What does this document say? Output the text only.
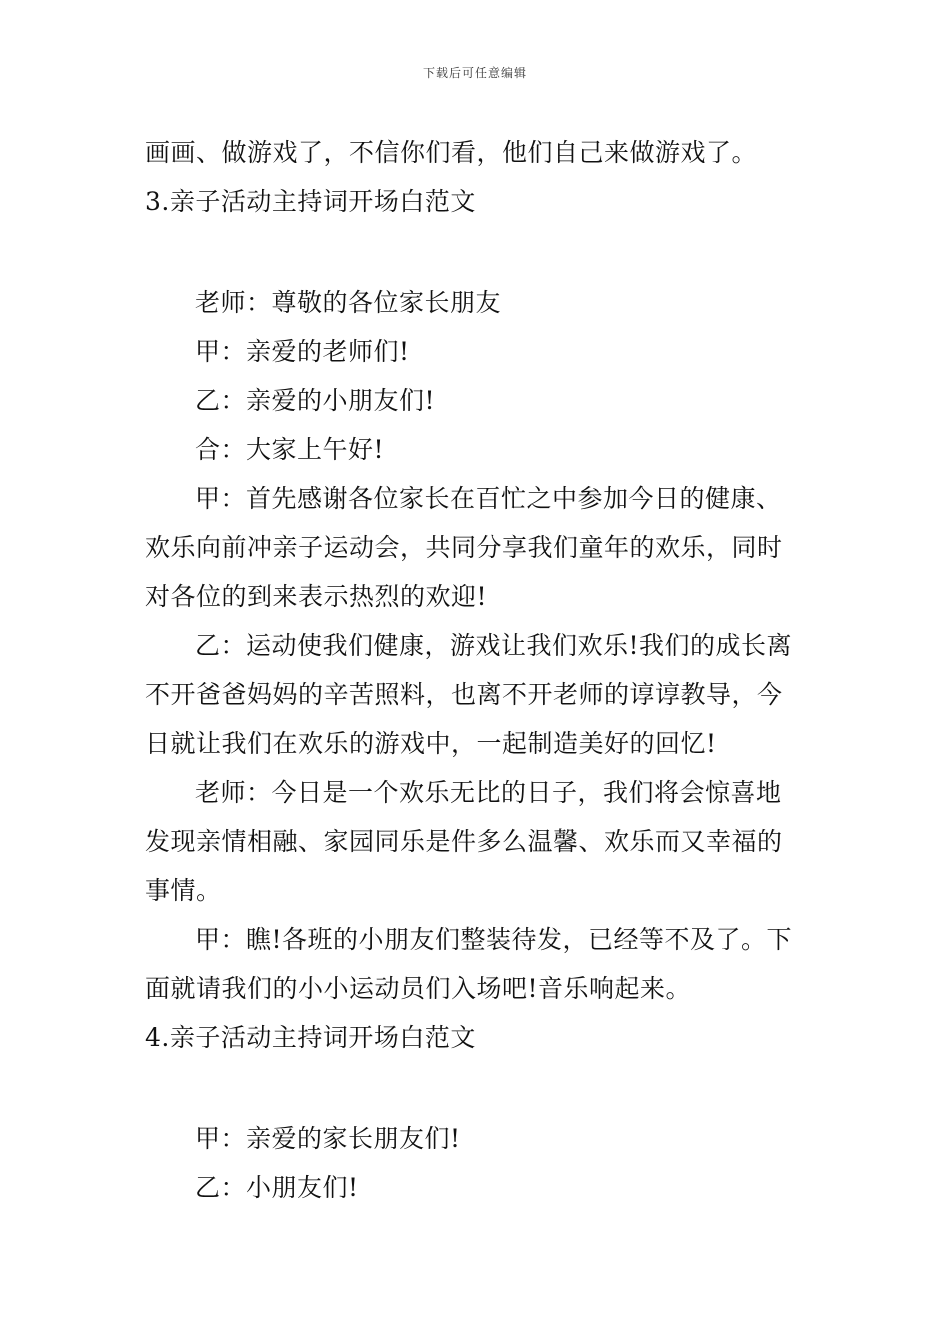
下载后可任意编辑
画画、做游戏了，不信你们看，他们自己来做游戏了。
3.亲子活动主持词开场白范文
老师：尊敬的各位家长朋友
甲：亲爱的老师们!
乙：亲爱的小朋友们!
合：大家上午好!
甲：首先感谢各位家长在百忙之中参加今日的健康、
欢乐向前冲亲子运动会，共同分享我们童年的欢乐，同时
对各位的到来表示热烈的欢迎!
乙：运动使我们健康，游戏让我们欢乐!我们的成长离
不开爸爸妈妈的辛苦照料，也离不开老师的谆谆教导，今
日就让我们在欢乐的游戏中，一起制造美好的回忆!
老师：今日是一个欢乐无比的日子，我们将会惊喜地
发现亲情相融、家园同乐是件多么温馨、欢乐而又幸福的
事情。
甲：瞧!各班的小朋友们整装待发，已经等不及了。下
面就请我们的小小运动员们入场吧!音乐响起来。
4.亲子活动主持词开场白范文
甲：亲爱的家长朋友们!
乙：小朋友们!
